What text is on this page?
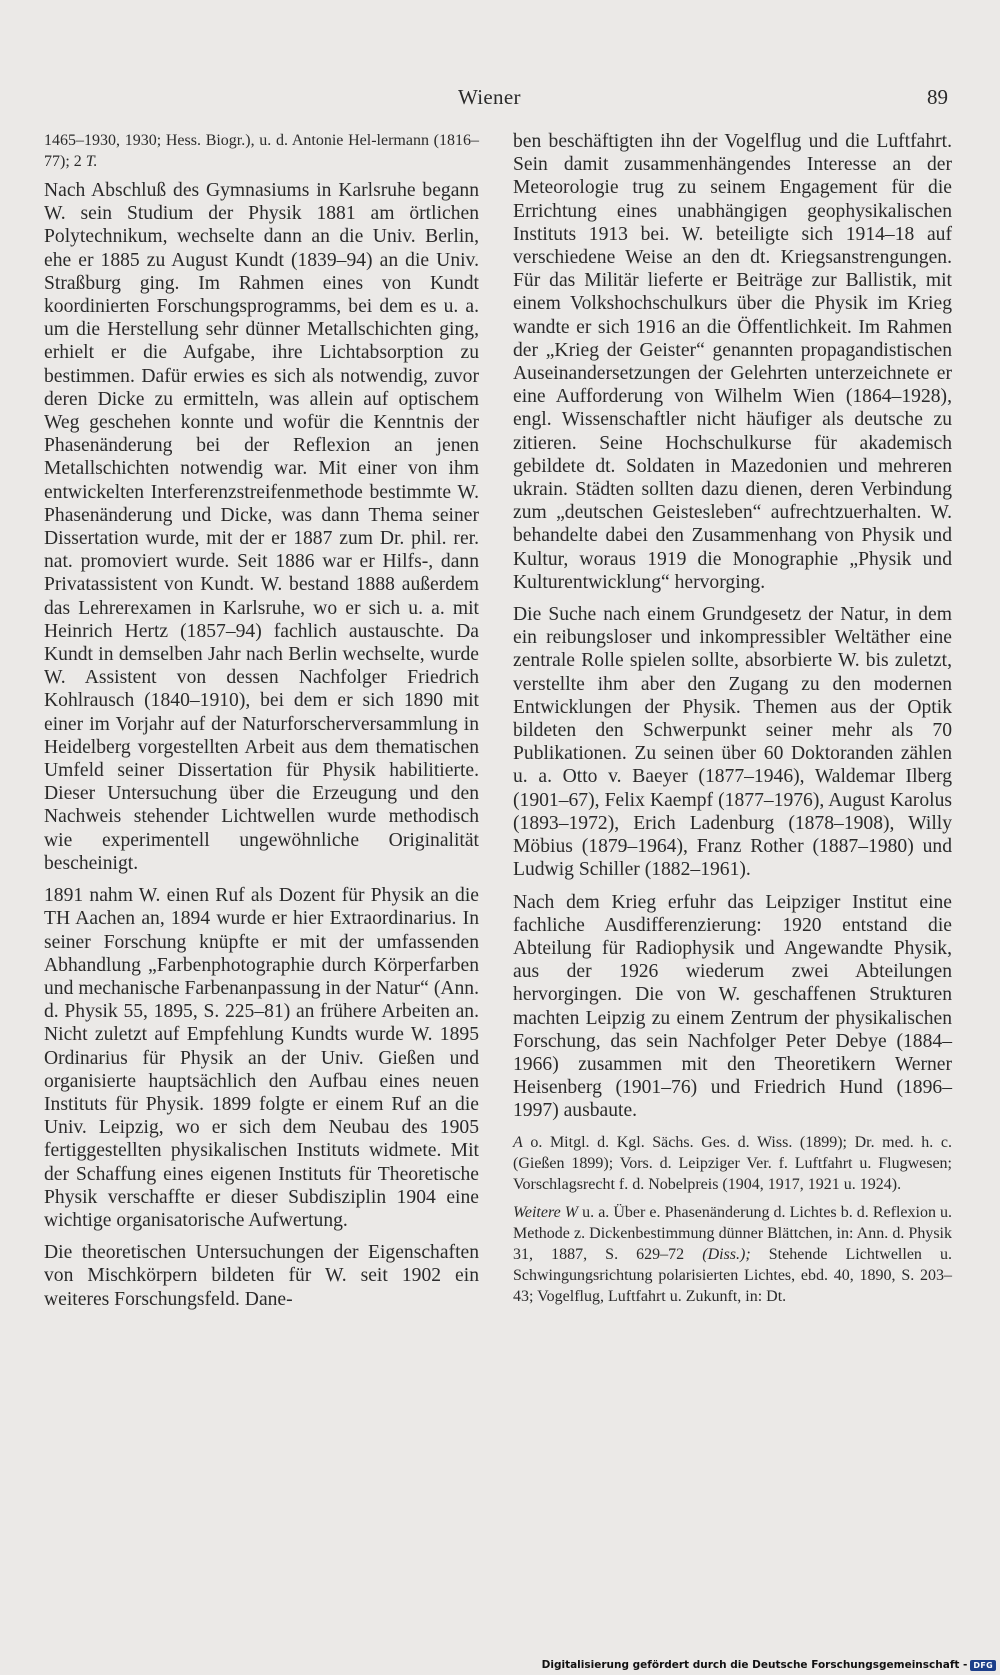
Wiener	89

1465–1930, 1930; Hess. Biogr.), u. d. Antonie Hel-lermann (1816–77); 2 T.

Nach Abschluß des Gymnasiums in Karlsruhe begann W. sein Studium der Physik 1881 am örtlichen Polytechnikum, wechselte dann an die Univ. Berlin, ehe er 1885 zu August Kundt (1839–94) an die Univ. Straßburg ging. Im Rahmen eines von Kundt koordinierten Forschungsprogramms, bei dem es u. a. um die Herstellung sehr dünner Metallschichten ging, erhielt er die Aufgabe, ihre Lichtabsorption zu bestimmen. Dafür erwies es sich als notwendig, zuvor deren Dicke zu ermitteln, was allein auf optischem Weg geschehen konnte und wofür die Kenntnis der Phasenänderung bei der Reflexion an jenen Metallschichten notwendig war. Mit einer von ihm entwickelten Interferenzstreifenmethode bestimmte W. Phasenänderung und Dicke, was dann Thema seiner Dissertation wurde, mit der er 1887 zum Dr. phil. rer. nat. promoviert wurde. Seit 1886 war er Hilfs-, dann Privatassistent von Kundt. W. bestand 1888 außerdem das Lehrerexamen in Karlsruhe, wo er sich u. a. mit Heinrich Hertz (1857–94) fachlich austauschte. Da Kundt in demselben Jahr nach Berlin wechselte, wurde W. Assistent von dessen Nachfolger Friedrich Kohlrausch (1840–1910), bei dem er sich 1890 mit einer im Vorjahr auf der Naturforscherversammlung in Heidelberg vorgestellten Arbeit aus dem thematischen Umfeld seiner Dissertation für Physik habilitierte. Dieser Untersuchung über die Erzeugung und den Nachweis stehender Lichtwellen wurde methodisch wie experimentell ungewöhnliche Originalität bescheinigt.

1891 nahm W. einen Ruf als Dozent für Physik an die TH Aachen an, 1894 wurde er hier Extraordinarius. In seiner Forschung knüpfte er mit der umfassenden Abhandlung „Farbenphotographie durch Körperfarben und mechanische Farbenanpassung in der Natur“ (Ann. d. Physik 55, 1895, S. 225–81) an frühere Arbeiten an. Nicht zuletzt auf Empfehlung Kundts wurde W. 1895 Ordinarius für Physik an der Univ. Gießen und organisierte hauptsächlich den Aufbau eines neuen Instituts für Physik. 1899 folgte er einem Ruf an die Univ. Leipzig, wo er sich dem Neubau des 1905 fertiggestellten physikalischen Instituts widmete. Mit der Schaffung eines eigenen Instituts für Theoretische Physik verschaffte er dieser Subdisziplin 1904 eine wichtige organisatorische Aufwertung.

Die theoretischen Untersuchungen der Eigenschaften von Mischkörpern bildeten für W. seit 1902 ein weiteres Forschungsfeld. Dane-

ben beschäftigten ihn der Vogelflug und die Luftfahrt. Sein damit zusammenhängendes Interesse an der Meteorologie trug zu seinem Engagement für die Errichtung eines unabhängigen geophysikalischen Instituts 1913 bei. W. beteiligte sich 1914–18 auf verschiedene Weise an den dt. Kriegsanstrengungen. Für das Militär lieferte er Beiträge zur Ballistik, mit einem Volkshochschulkurs über die Physik im Krieg wandte er sich 1916 an die Öffentlichkeit. Im Rahmen der „Krieg der Geister“ genannten propagandistischen Auseinandersetzungen der Gelehrten unterzeichnete er eine Aufforderung von Wilhelm Wien (1864–1928), engl. Wissenschaftler nicht häufiger als deutsche zu zitieren. Seine Hochschulkurse für akademisch gebildete dt. Soldaten in Mazedonien und mehreren ukrain. Städten sollten dazu dienen, deren Verbindung zum „deutschen Geistesleben“ aufrechtzuerhalten. W. behandelte dabei den Zusammenhang von Physik und Kultur, woraus 1919 die Monographie „Physik und Kulturentwicklung“ hervorging.

Die Suche nach einem Grundgesetz der Natur, in dem ein reibungsloser und inkompressibler Weltäther eine zentrale Rolle spielen sollte, absorbierte W. bis zuletzt, verstellte ihm aber den Zugang zu den modernen Entwicklungen der Physik. Themen aus der Optik bildeten den Schwerpunkt seiner mehr als 70 Publikationen. Zu seinen über 60 Doktoranden zählen u. a. Otto v. Baeyer (1877–1946), Waldemar Ilberg (1901–67), Felix Kaempf (1877–1976), August Karolus (1893–1972), Erich Ladenburg (1878–1908), Willy Möbius (1879–1964), Franz Rother (1887–1980) und Ludwig Schiller (1882–1961).

Nach dem Krieg erfuhr das Leipziger Institut eine fachliche Ausdifferenzierung: 1920 entstand die Abteilung für Radiophysik und Angewandte Physik, aus der 1926 wiederum zwei Abteilungen hervorgingen. Die von W. geschaffenen Strukturen machten Leipzig zu einem Zentrum der physikalischen Forschung, das sein Nachfolger Peter Debye (1884–1966) zusammen mit den Theoretikern Werner Heisenberg (1901–76) und Friedrich Hund (1896–1997) ausbaute.

A o. Mitgl. d. Kgl. Sächs. Ges. d. Wiss. (1899); Dr. med. h. c. (Gießen 1899); Vors. d. Leipziger Ver. f. Luftfahrt u. Flugwesen; Vorschlagsrecht f. d. Nobelpreis (1904, 1917, 1921 u. 1924).

Weitere W u. a. Über e. Phasenänderung d. Lichtes b. d. Reflexion u. Methode z. Dickenbestimmung dünner Blättchen, in: Ann. d. Physik 31, 1887, S. 629–72 (Diss.); Stehende Lichtwellen u. Schwingungsrichtung polarisierten Lichtes, ebd. 40, 1890, S. 203–43; Vogelflug, Luftfahrt u. Zukunft, in: Dt.

Digitalisierung gefördert durch die Deutsche Forschungsgemeinschaft - DFG
